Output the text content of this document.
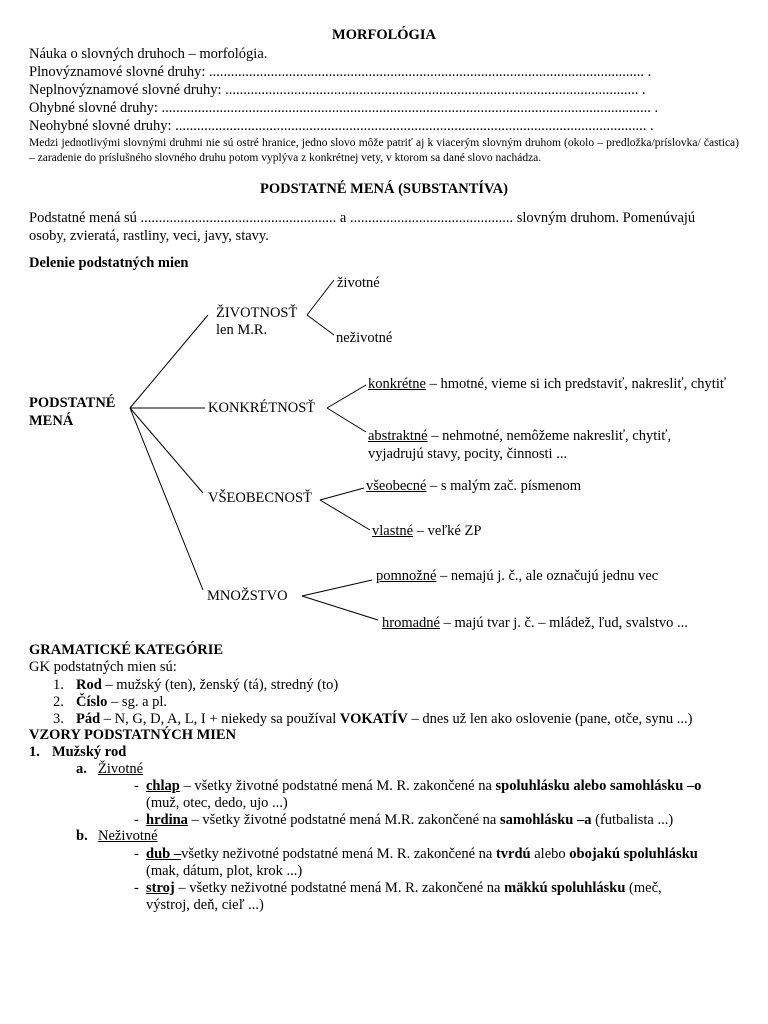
MORFOLÓGIA
Náuka o slovných druhoch – morfológia.
Plnovýznamové slovné druhy: ........................................................................................................................ .
Neplnovýznamové slovné druhy: .................................................................................................................. .
Ohybné slovné druhy: ....................................................................................................................................... .
Neohybné slovné druhy: .................................................................................................................................. .
Medzi jednotlivými slovnými druhmi nie sú ostré hranice, jedno slovo môže patriť aj k viacerým slovným druhom (okolo – predložka/príslovka/ častica) – zaradenie do príslušného slovného druhu potom vyplýva z konkrétnej vety, v ktorom sa dané slovo nachádza.
PODSTATNÉ MENÁ (SUBSTANTÍVA)
Podstatné mená sú ...................................................... a ............................................. slovným druhom. Pomenúvajú
osoby, zvieratá, rastliny, veci, javy, stavy.
Delenie podstatných mien
PODSTATNÉ
MENÁ
ŽIVOTNOSŤ
len M.R.
životné
neživotné
KONKRÉTNOSŤ
konkrétne – hmotné, vieme si ich predstaviť, nakresliť, chytiť
abstraktné – nehmotné, nemôžeme nakresliť, chytiť,
vyjadrujú stavy, pocity, činnosti ...
VŠEOBECNOSŤ
všeobecné – s malým zač. písmenom
vlastné – veľké ZP
MNOŽSTVO
pomnožné – nemajú j. č., ale označujú jednu vec
hromadné – majú tvar j. č. – mládež, ľud, svalstvo ...
GRAMATICKÉ KATEGÓRIE
GK podstatných mien sú:
1. Rod – mužský (ten), ženský (tá), stredný (to)
2. Číslo – sg. a pl.
3. Pád – N, G, D, A, L, I + niekedy sa používal VOKATÍV – dnes už len ako oslovenie (pane, otče, synu ...)
VZORY PODSTATNÝCH MIEN
1. Mužský rod
a. Životné
- chlap – všetky životné podstatné mená M. R. zakončené na spoluhlásku alebo samohlásku –o
(muž, otec, dedo, ujo ...)
- hrdina – všetky životné podstatné mená M.R. zakončené na samohlásku –a (futbalista ...)
b. Neživotné
- dub –všetky neživotné podstatné mená M. R. zakončené na tvrdú alebo obojakú spoluhlásku
(mak, dátum, plot, krok ...)
- stroj – všetky neživotné podstatné mená M. R. zakončené na mäkkú spoluhlásku (meč,
výstroj, deň, cieľ ...)
